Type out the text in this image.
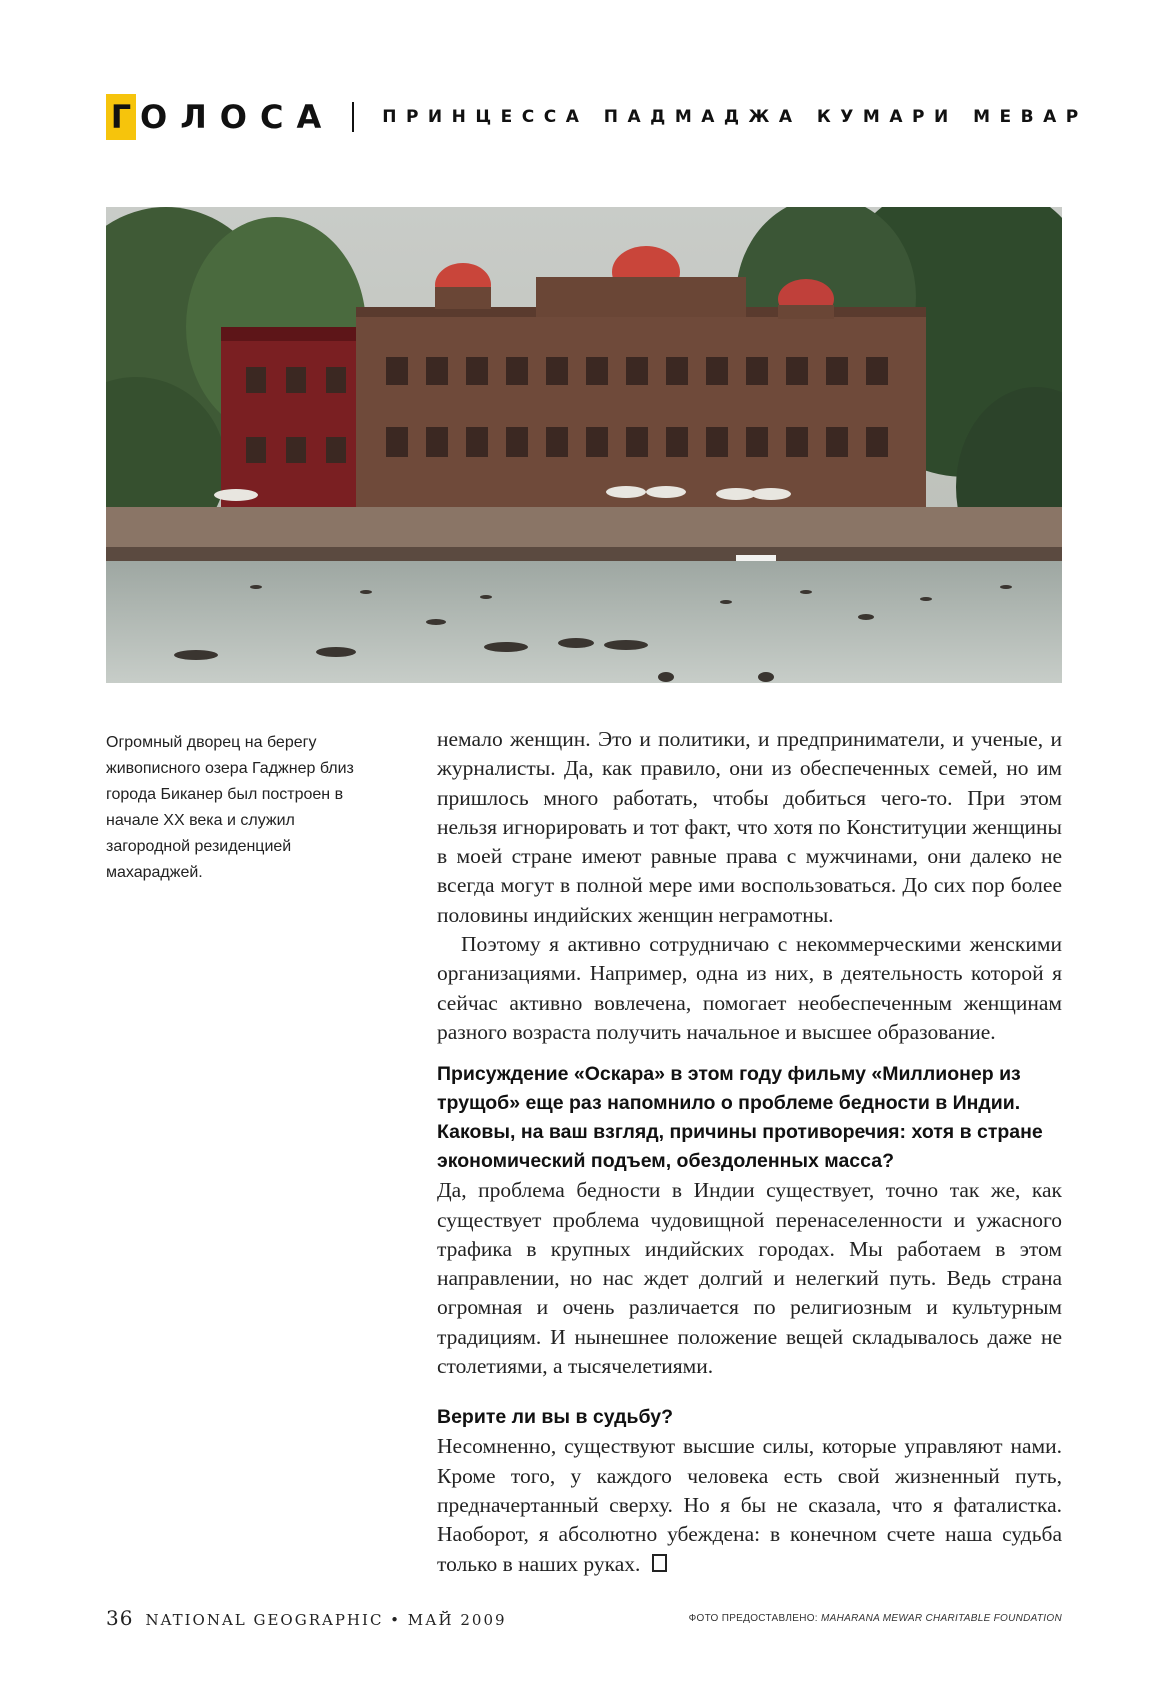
Г ОЛОСА	ПРИНЦЕССА ПАДМАДЖА КУМАРИ МЕВАР
Огромный дворец на берегу живописного озера Гаджнер близ города Биканер был построен в начале XX века и служил загородной резиденцией махараджей.

немало женщин. Это и политики, и предприниматели, и ученые, и журналисты. Да, как правило, они из обеспеченных семей, но им пришлось много работать, чтобы добиться чего-то. При этом нельзя игнорировать и тот факт, что хотя по Конституции женщины в моей стране имеют равные права с мужчинами, они далеко не всегда могут в полной мере ими воспользоваться. До сих пор более половины индийских женщин неграмотны.

Поэтому я активно сотрудничаю с некоммерческими женскими организациями. Например, одна из них, в деятельность которой я сейчас активно вовлечена, помогает необеспеченным женщинам разного возраста получить начальное и высшее образование.

Присуждение «Оскара» в этом году фильму «Миллионер из трущоб» еще раз напомнило о проблеме бедности в Индии. Каковы, на ваш взгляд, причины противоречия: хотя в стране экономический подъем, обездоленных масса?

Да, проблема бедности в Индии существует, точно так же, как существует проблема чудовищной перенаселенности и ужасного трафика в крупных индийских городах. Мы работаем в этом направлении, но нас ждет долгий и нелегкий путь. Ведь страна огромная и очень различается по религиозным и культурным традициям. И нынешнее положение вещей складывалось даже не столетиями, а тысячелетиями.

Верите ли вы в судьбу?

Несомненно, существуют высшие силы, которые управляют нами. Кроме того, у каждого человека есть свой жизненный путь, предначертанный сверху. Но я бы не сказала, что я фаталистка. Наоборот, я абсолютно убеждена: в конечном счете наша судьба только в наших руках.

36 NATIONAL GEOGRAPHIC • МАЙ 2009	ФОТО ПРЕДОСТАВЛЕНО: MAHARANA MEWAR CHARITABLE FOUNDATION
